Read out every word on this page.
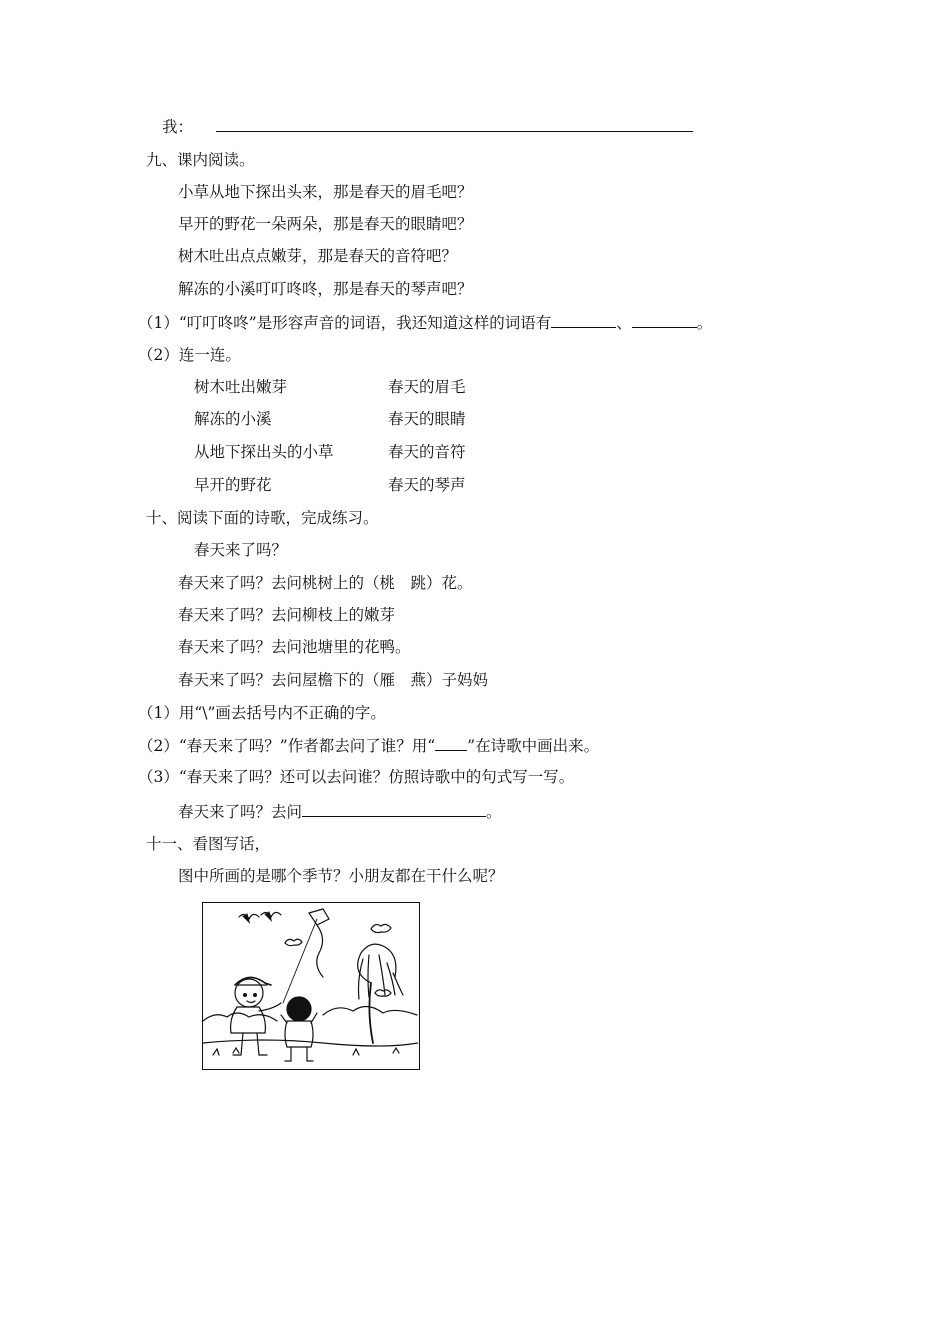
我：
九、课内阅读。
小草从地下探出头来，那是春天的眉毛吧？
早开的野花一朵两朵，那是春天的眼睛吧？
树木吐出点点嫩芽，那是春天的音符吧？
解冻的小溪叮叮咚咚，那是春天的琴声吧？
（1）“叮叮咚咚”是形容声音的词语，我还知道这样的词语有	、	。
（2）连一连。
树木吐出嫩芽	春天的眉毛
解冻的小溪	春天的眼睛
从地下探出头的小草	春天的音符
早开的野花	春天的琴声
十、阅读下面的诗歌，完成练习。
春天来了吗？
春天来了吗？去问桃树上的（桃　跳）花。
春天来了吗？去问柳枝上的嫩芽
春天来了吗？去问池塘里的花鸭。
春天来了吗？去问屋檐下的（雁　燕）子妈妈
（1）用“\”画去括号内不正确的字。
（2）“春天来了吗？”作者都去问了谁？用“ ”在诗歌中画出来。
（3）“春天来了吗？还可以去问谁？仿照诗歌中的句式写一写。
春天来了吗？去问	。
十一、看图写话，
图中所画的是哪个季节？小朋友都在干什么呢？
